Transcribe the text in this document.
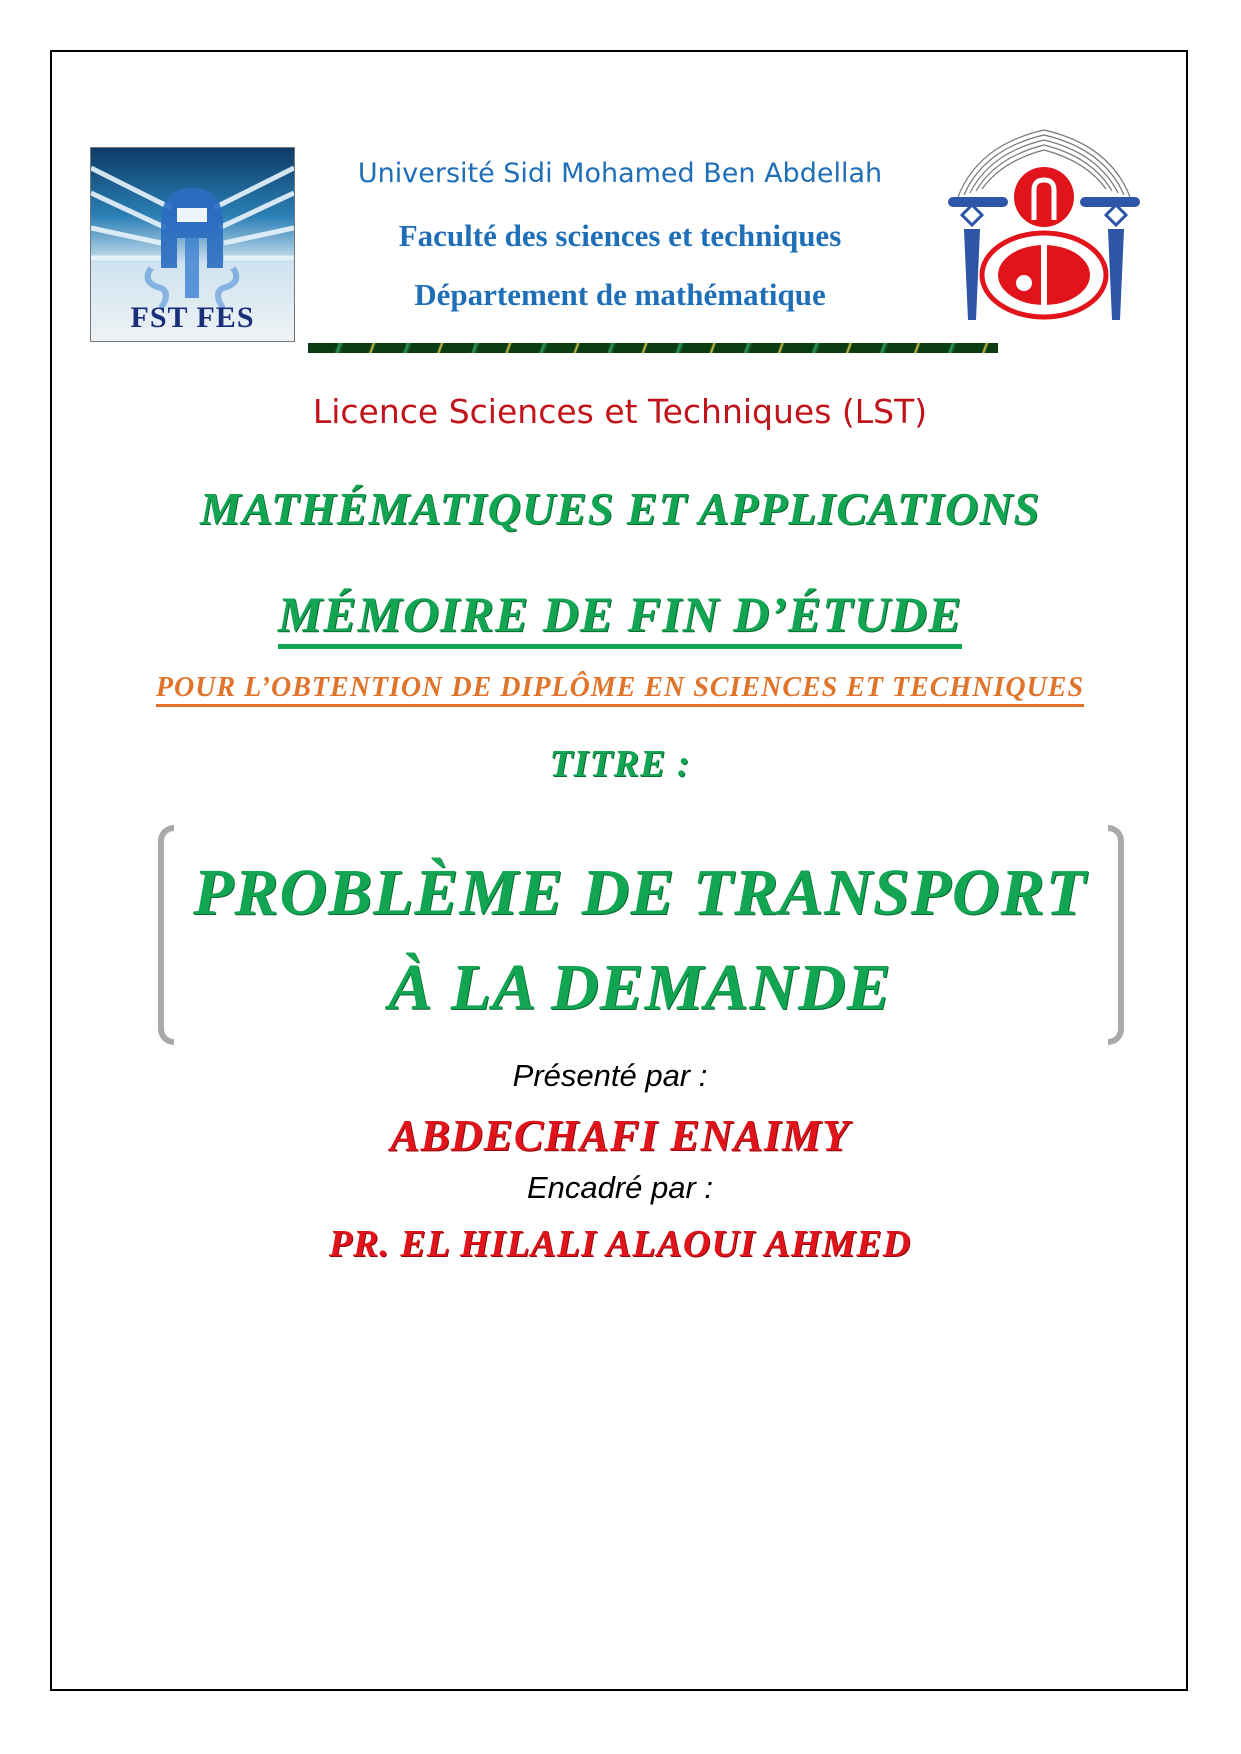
FST FES
Université Sidi Mohamed Ben Abdellah
Faculté des sciences et techniques
Département de mathématique
Licence Sciences et Techniques (LST)
MATHÉMATIQUES ET APPLICATIONS
MÉMOIRE DE FIN D’ÉTUDE
POUR L’OBTENTION DE DIPLÔME EN SCIENCES ET TECHNIQUES
TITRE :
PROBLÈME DE TRANSPORT
À LA DEMANDE
Présenté par :
ABDECHAFI ENAIMY
Encadré par :
PR. EL HILALI ALAOUI AHMED
